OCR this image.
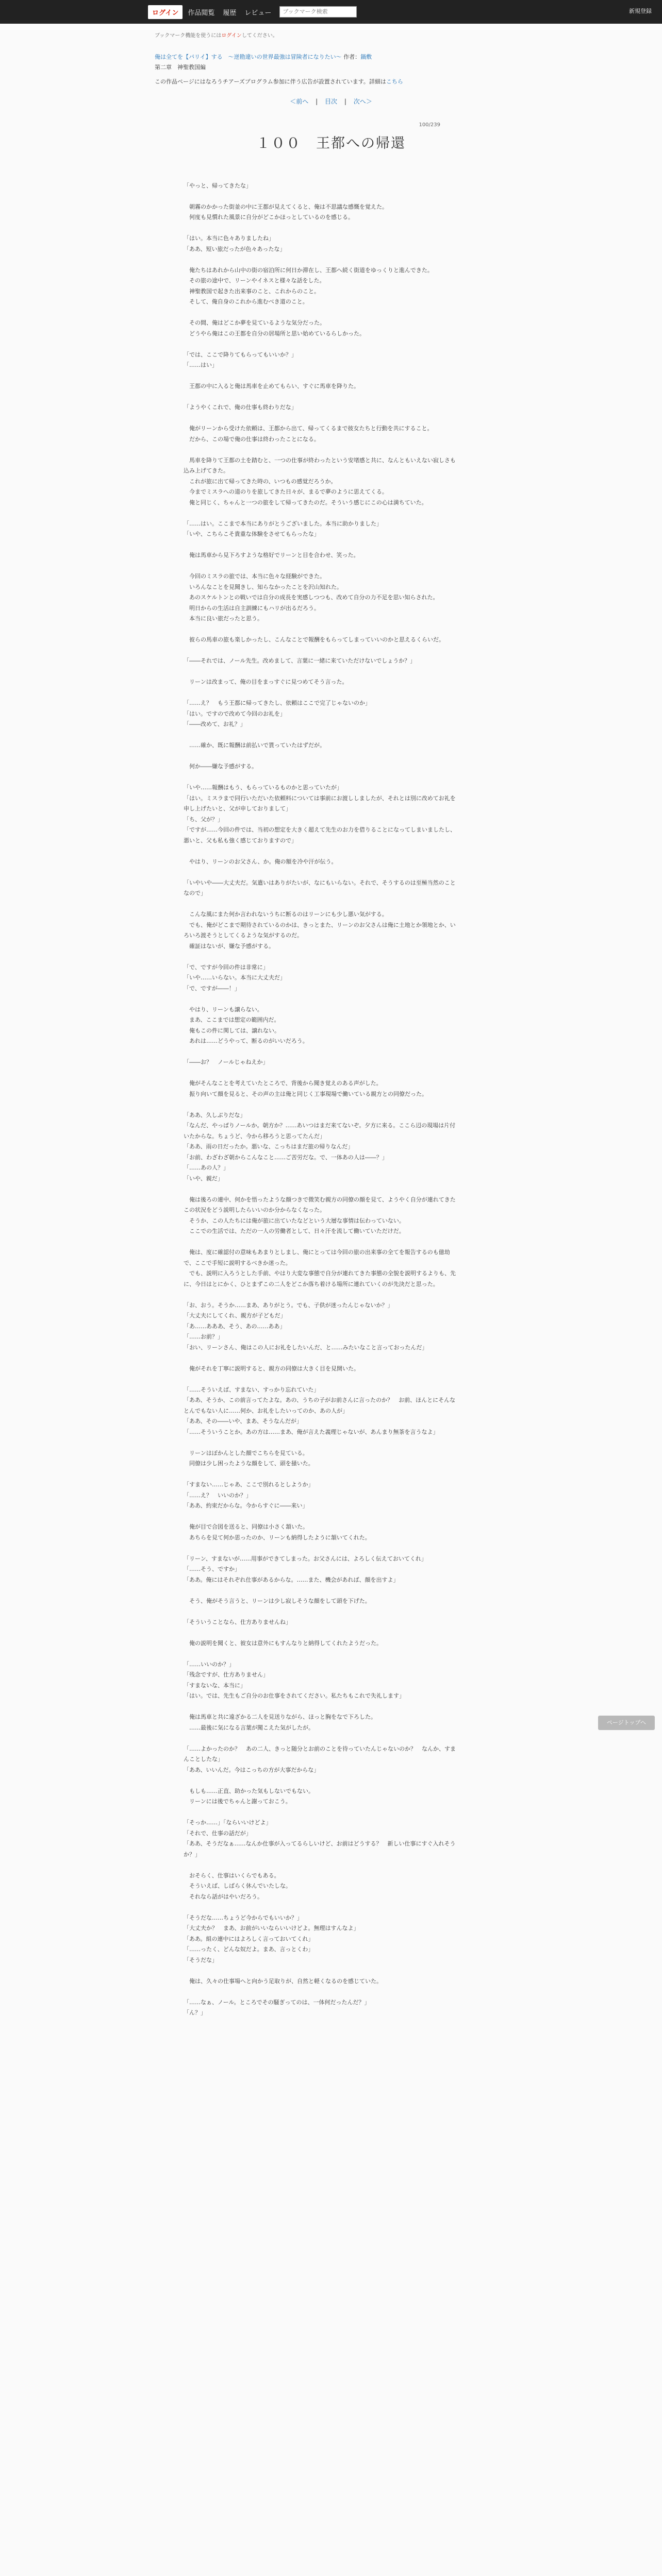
ログイン	作品閲覧 履歴 レビュー
ブックマーク検索	新規登録
ブックマーク機能を使うにはログインしてください。
俺は全てを【パリイ】する　～逆勘違いの世界最強は冒険者になりたい～ 作者：鍋敷
第二章　神聖教国編
この作品ページにはなろうチアーズプログラム参加に伴う広告が設置されています。詳細はこちら
＜前へ | 目次 | 次へ＞
100/239
１００　王都への帰還
「やっと、帰ってきたな」
　朝霧のかかった街並の中に王都が見えてくると、俺は不思議な感慨を覚えた。
　何度も見慣れた風景に自分がどこかほっとしているのを感じる。
「はい。本当に色々ありましたね」
「ああ、短い旅だったが色々あったな」
　俺たちはあれから山中の街の宿泊所に何日か滞在し、王都へ続く街道をゆっくりと進んできた。
　その旅の途中で、リーンやイネスと様々な話をした。
　神聖教国で起きた出来事のこと、これからのこと。
　そして、俺自身のこれから進むべき道のこと。
　その間、俺はどこか夢を見ているような気分だった。
　どうやら俺はこの王都を自分の居場所と思い始めているらしかった。
「では、ここで降りてもらってもいいか？」
「……はい」
　王都の中に入ると俺は馬車を止めてもらい、すぐに馬車を降りた。
「ようやくこれで、俺の仕事も終わりだな」
　俺がリーンから受けた依頼は、王都から出て、帰ってくるまで彼女たちと行動を共にすること。
　だから、この場で俺の仕事は終わったことになる。
　馬車を降りて王都の土を踏むと、一つの仕事が終わったという安堵感と共に、なんともいえない寂しさも込み上げてきた。
　これが旅に出て帰ってきた時の、いつもの感覚だろうか。
　今までミスラへの道のりを旅してきた日々が、まるで夢のように思えてくる。
　俺と同じく、ちゃんと一つの旅をして帰ってきたのだ。そういう感じにこの心は満ちていた。
「……はい。ここまで本当にありがとうございました。本当に助かりました」
「いや、こちらこそ貴重な体験をさせてもらったな」
　俺は馬車から見下ろすような格好でリーンと目を合わせ、笑った。
　今回のミスラの旅では、本当に色々な経験ができた。
　いろんなことを見聞きし、知らなかったことを沢山知れた。
　あのスケルトンとの戦いでは自分の成長を実感しつつも、改めて自分の力不足を思い知らされた。
　明日からの生活は自主訓練にもハリが出るだろう。
　本当に良い旅だったと思う。
　彼らの馬車の旅も楽しかったし、こんなことで報酬をもらってしまっていいのかと思えるくらいだ。
「――それでは、ノール先生。改めまして、言葉に一緒に来ていただけないでしょうか？」
　リーンは改まって、俺の目をまっすぐに見つめてそう言った。
「……え？　もう王都に帰ってきたし、依頼はここで完了じゃないのか」
「はい。ですので改めて今回のお礼を」
「――改めて、お礼？」
　……確か、既に報酬は前払いで貰っていたはずだが。
　何か――嫌な予感がする。
「いや……報酬はもう、もらっているものかと思っていたが」
「はい。ミスラまで同行いただいた依頼料については事前にお渡ししましたが、それとは別に改めてお礼を申し上げたいと、父が申しておりまして」
「ち、父が？」
「ですが……今回の件では、当初の想定を大きく超えて先生のお力を借りることになってしまいましたし、悪いと、父も私も強く感じておりますので」
　やはり、リーンのお父さん、か。俺の額を冷や汗が伝う。
「いやいや――大丈夫だ。気遣いはありがたいが、なにもいらない。それで、そうするのは至極当然のことなので」
　こんな風にまた何か言われないうちに断るのはリーンにも少し悪い気がする。
　でも、俺がどこまで期待されているのかは、きっとまた、リーンのお父さんは俺に土地とか領地とか、いろいろ渡そうとしてくるような気がするのだ。
　確証はないが、嫌な予感がする。
「で、ですが今回の件は非常に」
「いや……いらない。本当に大丈夫だ」
「で、ですが――！」
　やはり、リーンも譲らない。
　まあ、ここまでは想定の範囲内だ。
　俺もこの件に関しては、譲れない。
　あれは……どうやって、断るのがいいだろう。
「――お？　ノールじゃねえか」
　俺がそんなことを考えていたところで、背後から聞き覚えのある声がした。
　振り向いて顔を見ると、その声の主は俺と同じく工事現場で働いている親方との同僚だった。
「ああ、久しぶりだな」
「なんだ、やっぱりノールか。朝方か？……あいつはまだ来てないぞ。夕方に来る。ここら辺の現場は片付いたからな。ちょうど、今から移ろうと思ってたんだ」
「ああ、雨の日だったか。悪いな、こっちはまだ旅の帰りなんだ」
「お前、わざわざ朝からこんなこと……ご苦労だな。で、一体あの人は――？」
「……あの人？」
「いや、親だ」
　俺は後ろの連中、何かを悟ったような顔つきで微笑む親方の同僚の顔を見て、ようやく自分が連れてきたこの状況をどう説明したらいいのか分からなくなった。
　そうか、この人たちには俺が旅に出ていたなどという大層な事情は伝わっていない。
　ここでの生活では、ただの一人の労働者として、日々汗を流して働いていただけだ。
　俺は、度に確認付の意味もあまりとしまし、俺にとっては今回の旅の出来事の全てを報告するのも億劫で、ここで手短に説明するべきか迷った。
　でも、説明に入ろうとした手前、やはり大変な事態で自分が連れてきた事態の全貌を説明するよりも、先に、今日はとにかく、ひとまずこの二人をどこか落ち着ける場所に連れていくのが先決だと思った。
「お、おう。そうか……まあ、ありがとう。でも、子供が迷ったんじゃないか？」
「大丈夫にしてくれ、親方が子どもだ」
「あ……あああ、そう、あの……ああ」
「……お前？」
「おい、リーンさん、俺はこの人にお礼をしたいんだ、と……みたいなこと言っておったんだ」
　俺がそれを丁寧に説明すると、親方の同僚は大きく目を見開いた。
「……そういえば、すまない、すっかり忘れていた」
「ああ、そうか、この前言ってたよな。あの、うちの子がお前さんに言ったのか？　お前、ほんとにそんなとんでもない人に……何か、お礼をしたいってのか、あの人が」
「ああ、その――いや、まあ、そうなんだが」
「……そういうことか。あの方は……まあ、俺が言えた義理じゃないが、あんまり無茶を言うなよ」
　リーンはぽかんとした顔でこちらを見ている。
　同僚は少し困ったような顔をして、頭を掻いた。
「すまない……じゃあ、ここで別れるとしようか」
「……え？　いいのか？」
「ああ、約束だからな。今からすぐに――来い」
　俺が目で合図を送ると、同僚は小さく頷いた。
　あちらを見て何か思ったのか、リーンも納得したように頷いてくれた。
「リーン、すまないが……用事ができてしまった。お父さんには、よろしく伝えておいてくれ」
「……そう、ですか」
「ああ。俺にはそれぞれ仕事があるからな。……また、機会があれば、顔を出すよ」
　そう、俺がそう言うと、リーンは少し寂しそうな顔をして頭を下げた。
「そういうことなら、仕方ありませんね」
　俺の説明を聞くと、彼女は意外にもすんなりと納得してくれたようだった。
「……いいのか？」
「残念ですが、仕方ありません」
「すまないな、本当に」
「はい。では、先生もご自分のお仕事をされてください。私たちもこれで失礼します」
　俺は馬車と共に遠ざかる二人を見送りながら、ほっと胸をなで下ろした。
　……最後に気になる言葉が聞こえた気がしたが。
「……よかったのか？　あの二人、きっと随分とお前のことを待っていたんじゃないのか？　なんか、すまんことしたな」
「ああ、いいんだ。今はこっちの方が大事だからな」
　もしも……正直、助かった気もしないでもない。
　リーンには後でちゃんと謝っておこう。
「そっか……」「ならいいけどよ」
「それで、仕事の話だが」
「ああ、そうだなぁ……なんか仕事が入ってるらしいけど、お前はどうする？　新しい仕事にすぐ入れそうか？」
　おそらく、仕事はいくらでもある。
　そういえば、しばらく休んでいたしな。
　それなら話がはやいだろう。
「そうだな……ちょうど今からでもいいか？」
「大丈夫か？　まあ、お前がいいならいいけどよ。無理はすんなよ」
「ああ。組の連中にはよろしく言っておいてくれ」
「……ったく、どんな奴だよ。まあ、言っとくわ」
「そうだな」
　俺は、久々の仕事場へと向かう足取りが、自然と軽くなるのを感じていた。
「……なぁ、ノール。ところでその騒ぎってのは、一体何だったんだ？」
「ん？」
ページトップへ
